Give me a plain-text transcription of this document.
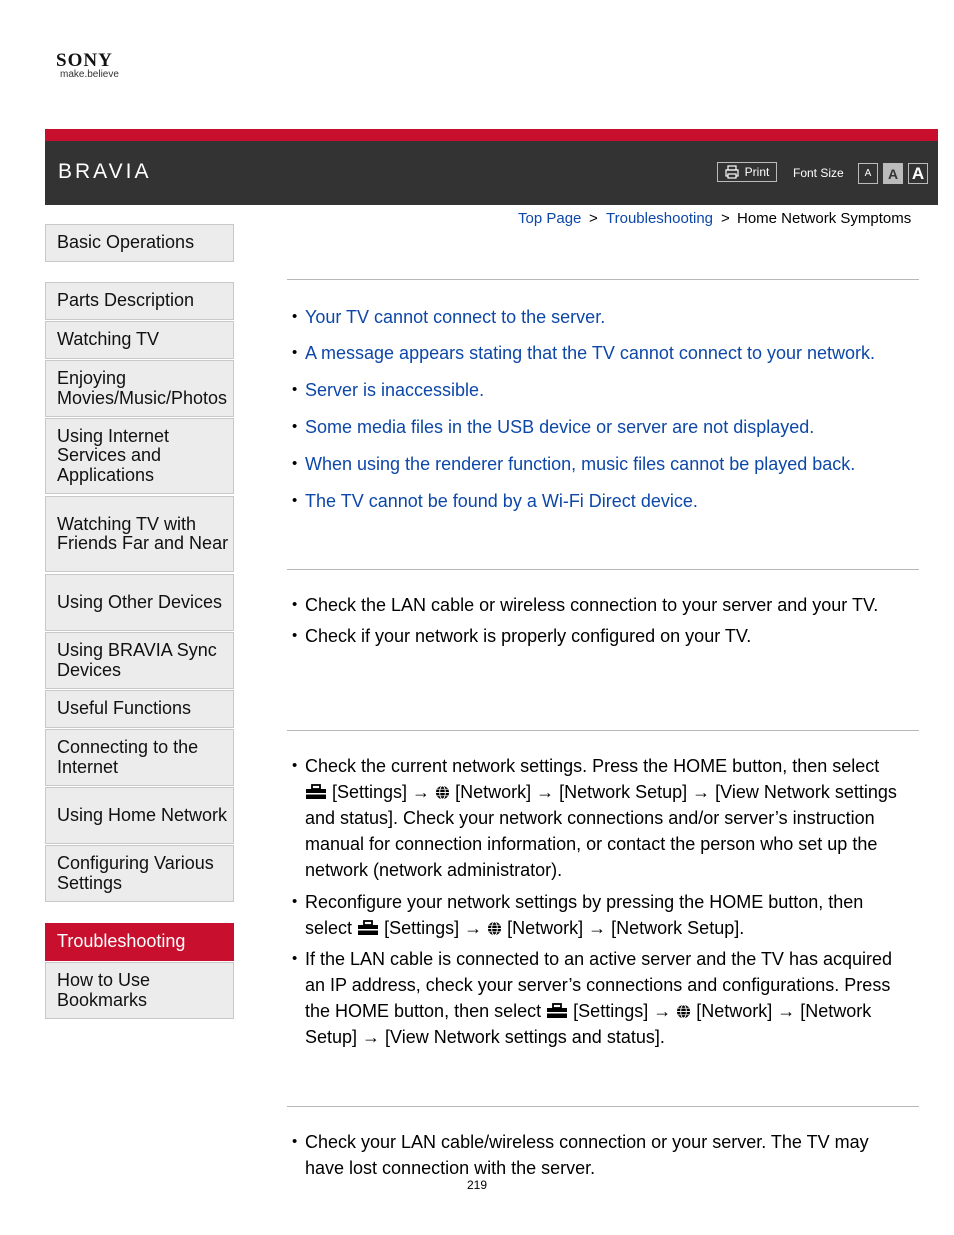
SONY
make.believe
BRAVIA	Print Font Size	A	A A
Top Page > Troubleshooting > Home Network Symptoms
Basic Operations
Parts Description
Watching TV
Enjoying Movies/Music/Photos
Using Internet Services and Applications
Watching TV with Friends Far and Near
Using Other Devices
Using BRAVIA Sync Devices
Useful Functions
Connecting to the Internet
Using Home Network
Configuring Various Settings
Troubleshooting
How to Use Bookmarks
• Your TV cannot connect to the server.
• A message appears stating that the TV cannot connect to your network.
• Server is inaccessible.
• Some media files in the USB device or server are not displayed.
• When using the renderer function, music files cannot be played back.
• The TV cannot be found by a Wi-Fi Direct device.
• Check the LAN cable or wireless connection to your server and your TV.
• Check if your network is properly configured on your TV.
• Check the current network settings. Press the HOME button, then select
[Settings] → [Network] → [Network Setup] → [View Network settings
and status]. Check your network connections and/or server’s instruction
manual for connection information, or contact the person who set up the
network (network administrator).
• Reconfigure your network settings by pressing the HOME button, then
select [Settings] → [Network] → [Network Setup].
• If the LAN cable is connected to an active server and the TV has acquired
an IP address, check your server’s connections and configurations. Press
the HOME button, then select [Settings] → [Network] → [Network
Setup] → [View Network settings and status].
• Check your LAN cable/wireless connection or your server. The TV may
have lost connection with the server.
219
